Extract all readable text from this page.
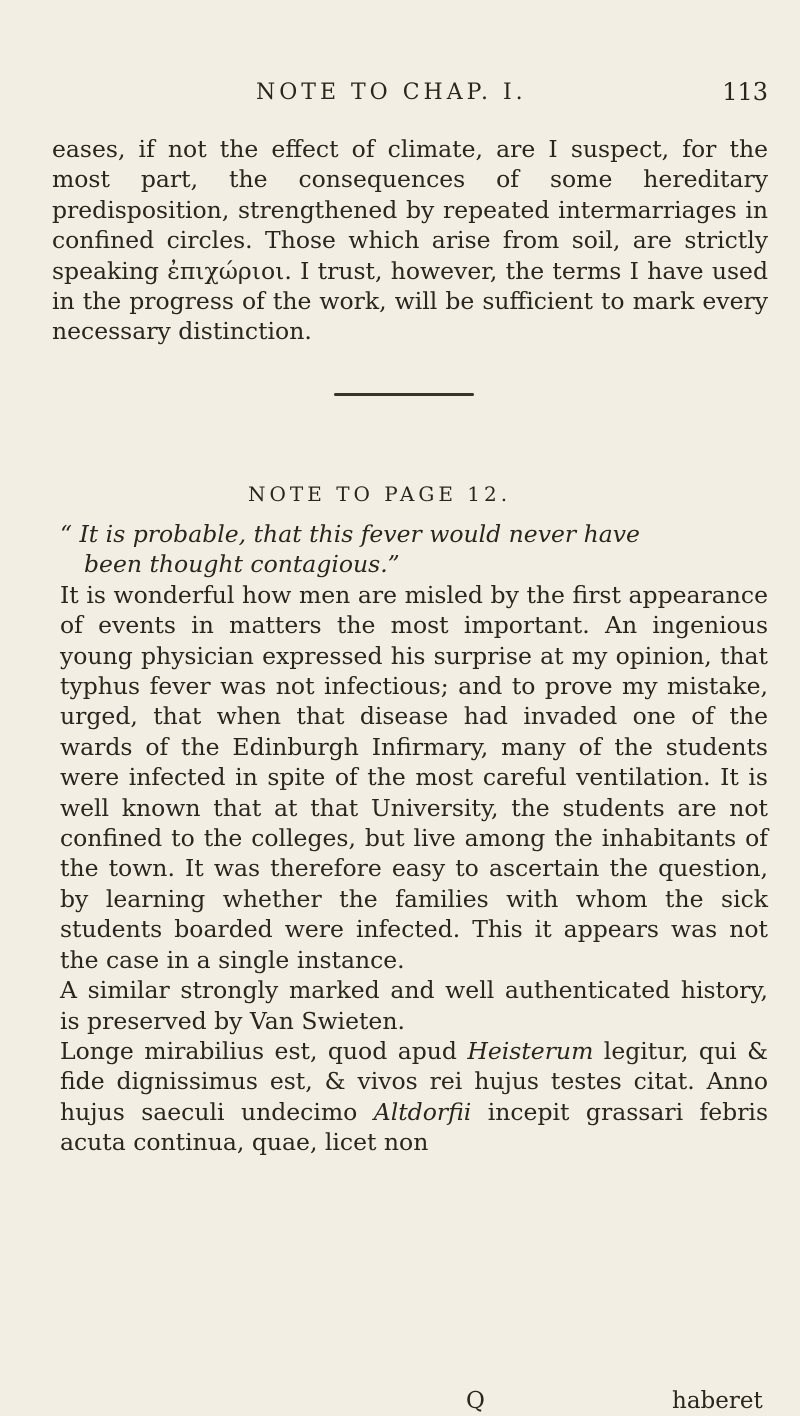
NOTE TO CHAP. I.	113

eases, if not the effect of climate, are I suspect, for the most part, the consequences of some hereditary predisposition, strengthened by repeated intermarriages in confined circles. Those which arise from soil, are strictly speaking ἐπιχώριοι. I trust, however, the terms I have used in the progress of the work, will be sufficient to mark every necessary distinction.

NOTE TO PAGE 12.

“ It is probable, that this fever would never have
been thought contagious.”

It is wonderful how men are misled by the first appearance of events in matters the most important. An ingenious young physician expressed his surprise at my opinion, that typhus fever was not infectious; and to prove my mistake, urged, that when that disease had invaded one of the wards of the Edinburgh Infirmary, many of the students were infected in spite of the most careful ventilation. It is well known that at that University, the students are not confined to the colleges, but live among the inhabitants of the town. It was therefore easy to ascertain the question, by learning whether the families with whom the sick students boarded were infected. This it appears was not the case in a single instance.

A similar strongly marked and well authenticated history, is preserved by Van Swieten.

Longe mirabilius est, quod apud Heisterum legitur, qui & fide dignissimus est, & vivos rei hujus testes citat. Anno hujus saeculi undecimo Altdorfii incepit grassari febris acuta continua, quae, licet non

Q	haberet
